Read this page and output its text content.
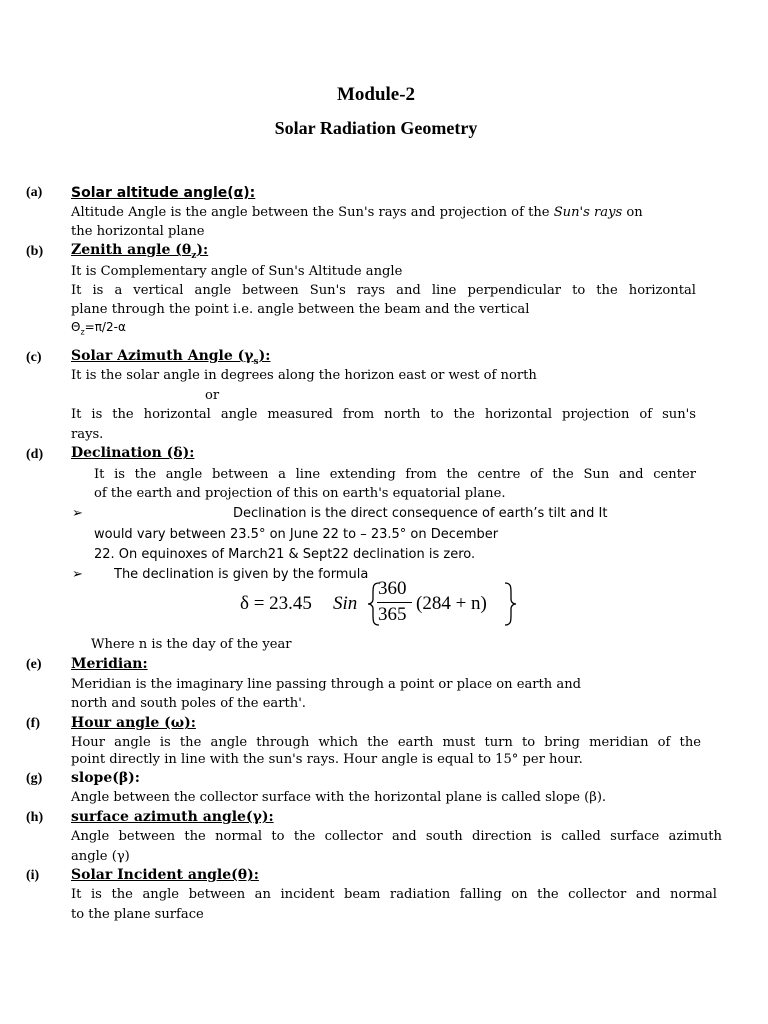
Module-2
Solar Radiation Geometry
(a) Solar altitude angle(α):
Altitude Angle is the angle between the Sun's rays and projection of the Sun's rays on
the horizontal plane
(b) Zenith angle $(\theta_z)$:
It is Complementary angle of Sun's Altitude angle
It is a vertical angle between Sun's rays and line perpendicular to the horizontal
plane through the point i.e. angle between the beam and the vertical
$\Theta_z=\pi/2-\alpha$
(c) Solar Azimuth Angle $(\gamma_s)$:
It is the solar angle in degrees along the horizon east or west of north
or
It is the horizontal angle measured from north to the horizontal projection of sun's
rays.
(d) Declination (δ):
It is the angle between a line extending from the centre of the Sun and center
of the earth and projection of this on earth's equatorial plane.
➢	Declination is the direct consequence of earth’s tilt and It
would vary between 23.5° on June 22 to – 23.5° on December
22. On equinoxes of March21 & Sept22 declination is zero.
➢ The declination is given by the formula
δ = 23.45 Sin
360
365
(284 + n)
Where n is the day of the year
(e) Meridian:
Meridian is the imaginary line passing through a point or place on earth and
north and south poles of the earth'.
(f) Hour angle (ω):
Hour angle is the angle through which the earth must turn to bring meridian of the
point directly in line with the sun's rays. Hour angle is equal to 15° per hour.
(g) slope(β):
Angle between the collector surface with the horizontal plane is called slope (β).
(h) surface azimuth angle(γ):
Angle between the normal to the collector and south direction is called surface azimuth
angle (γ)
(i) Solar Incident angle(θ):
It is the angle between an incident beam radiation falling on the collector and normal
to the plane surface
